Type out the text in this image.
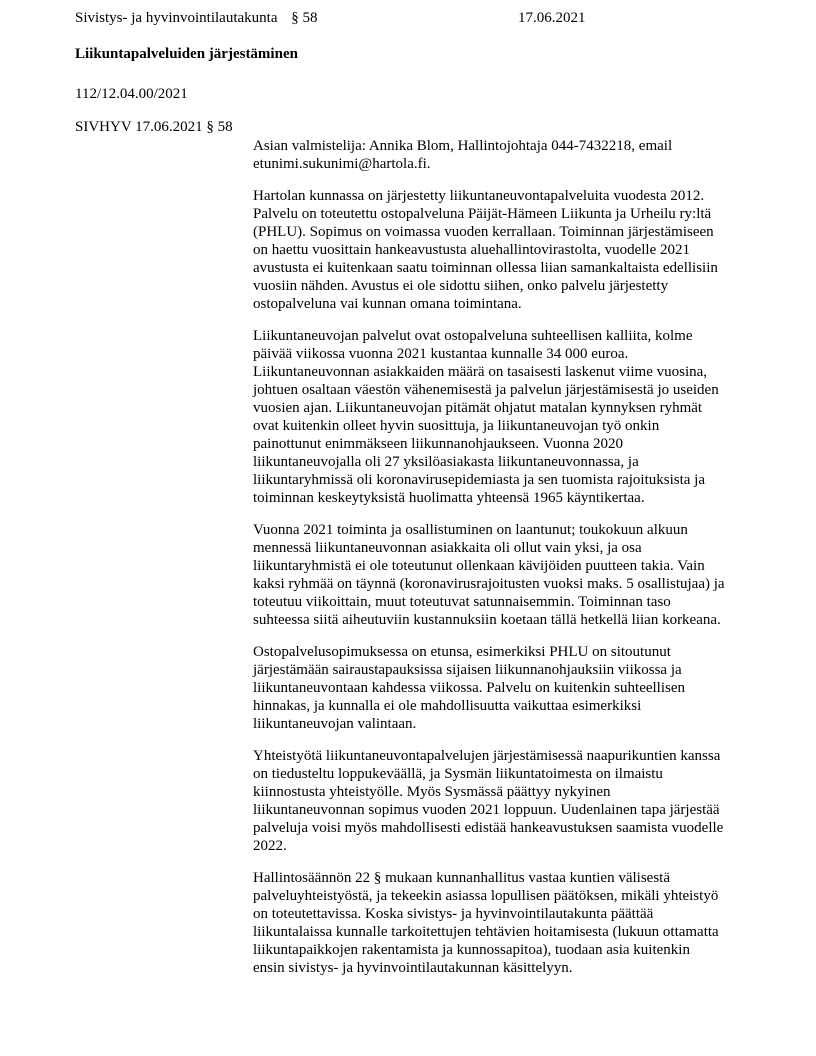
Sivistys- ja hyvinvointilautakunta § 58	17.06.2021
Liikuntapalveluiden järjestäminen
112/12.04.00/2021
SIVHYV 17.06.2021 § 58

Asian valmistelija: Annika Blom, Hallintojohtaja 044-7432218, email etunimi.sukunimi@hartola.fi.

Hartolan kunnassa on järjestetty liikuntaneuvontapalveluita vuodesta 2012. Palvelu on toteutettu ostopalveluna Päijät-Hämeen Liikunta ja Urheilu ry:ltä (PHLU). Sopimus on voimassa vuoden kerrallaan. Toiminnan järjestämiseen on haettu vuosittain hankeavustusta aluehallintovirastolta, vuodelle 2021 avustusta ei kuitenkaan saatu toiminnan ollessa liian samankaltaista edellisiin vuosiin nähden. Avustus ei ole sidottu siihen, onko palvelu järjestetty ostopalveluna vai kunnan omana toimintana.

Liikuntaneuvojan palvelut ovat ostopalveluna suhteellisen kalliita, kolme päivää viikossa vuonna 2021 kustantaa kunnalle 34 000 euroa. Liikuntaneuvonnan asiakkaiden määrä on tasaisesti laskenut viime vuosina, johtuen osaltaan väestön vähenemisestä ja palvelun järjestämisestä jo useiden vuosien ajan. Liikuntaneuvojan pitämät ohjatut matalan kynnyksen ryhmät ovat kuitenkin olleet hyvin suosittuja, ja liikuntaneuvojan työ onkin painottunut enimmäkseen liikunnanohjaukseen. Vuonna 2020 liikuntaneuvojalla oli 27 yksilöasiakasta liikuntaneuvonnassa, ja liikuntaryhmissä oli koronavirusepidemiasta ja sen tuomista rajoituksista ja toiminnan keskeytyksistä huolimatta yhteensä 1965 käyntikertaa.

Vuonna 2021 toiminta ja osallistuminen on laantunut; toukokuun alkuun mennessä liikuntaneuvonnan asiakkaita oli ollut vain yksi, ja osa liikuntaryhmistä ei ole toteutunut ollenkaan kävijöiden puutteen takia. Vain kaksi ryhmää on täynnä (koronavirusrajoitusten vuoksi maks. 5 osallistujaa) ja toteutuu viikoittain, muut toteutuvat satunnaisemmin. Toiminnan taso suhteessa siitä aiheutuviin kustannuksiin koetaan tällä hetkellä liian korkeana.

Ostopalvelusopimuksessa on etunsa, esimerkiksi PHLU on sitoutunut järjestämään sairaustapauksissa sijaisen liikunnanohjauksiin viikossa ja liikuntaneuvontaan kahdessa viikossa. Palvelu on kuitenkin suhteellisen hinnakas, ja kunnalla ei ole mahdollisuutta vaikuttaa esimerkiksi liikuntaneuvojan valintaan.

Yhteistyötä liikuntaneuvontapalvelujen järjestämisessä naapurikuntien kanssa on tiedusteltu loppukeväällä, ja Sysmän liikuntatoimesta on ilmaistu kiinnostusta yhteistyölle. Myös Sysmässä päättyy nykyinen liikuntaneuvonnan sopimus vuoden 2021 loppuun. Uudenlainen tapa järjestää palveluja voisi myös mahdollisesti edistää hankeavustuksen saamista vuodelle 2022.

Hallintosäännön 22 § mukaan kunnanhallitus vastaa kuntien välisestä palveluyhteistyöstä, ja tekeekin asiassa lopullisen päätöksen, mikäli yhteistyö on toteutettavissa. Koska sivistys- ja hyvinvointilautakunta päättää liikuntalaissa kunnalle tarkoitettujen tehtävien hoitamisesta (lukuun ottamatta liikuntapaikkojen rakentamista ja kunnossapitoa), tuodaan asia kuitenkin ensin sivistys- ja hyvinvointilautakunnan käsittelyyn.
